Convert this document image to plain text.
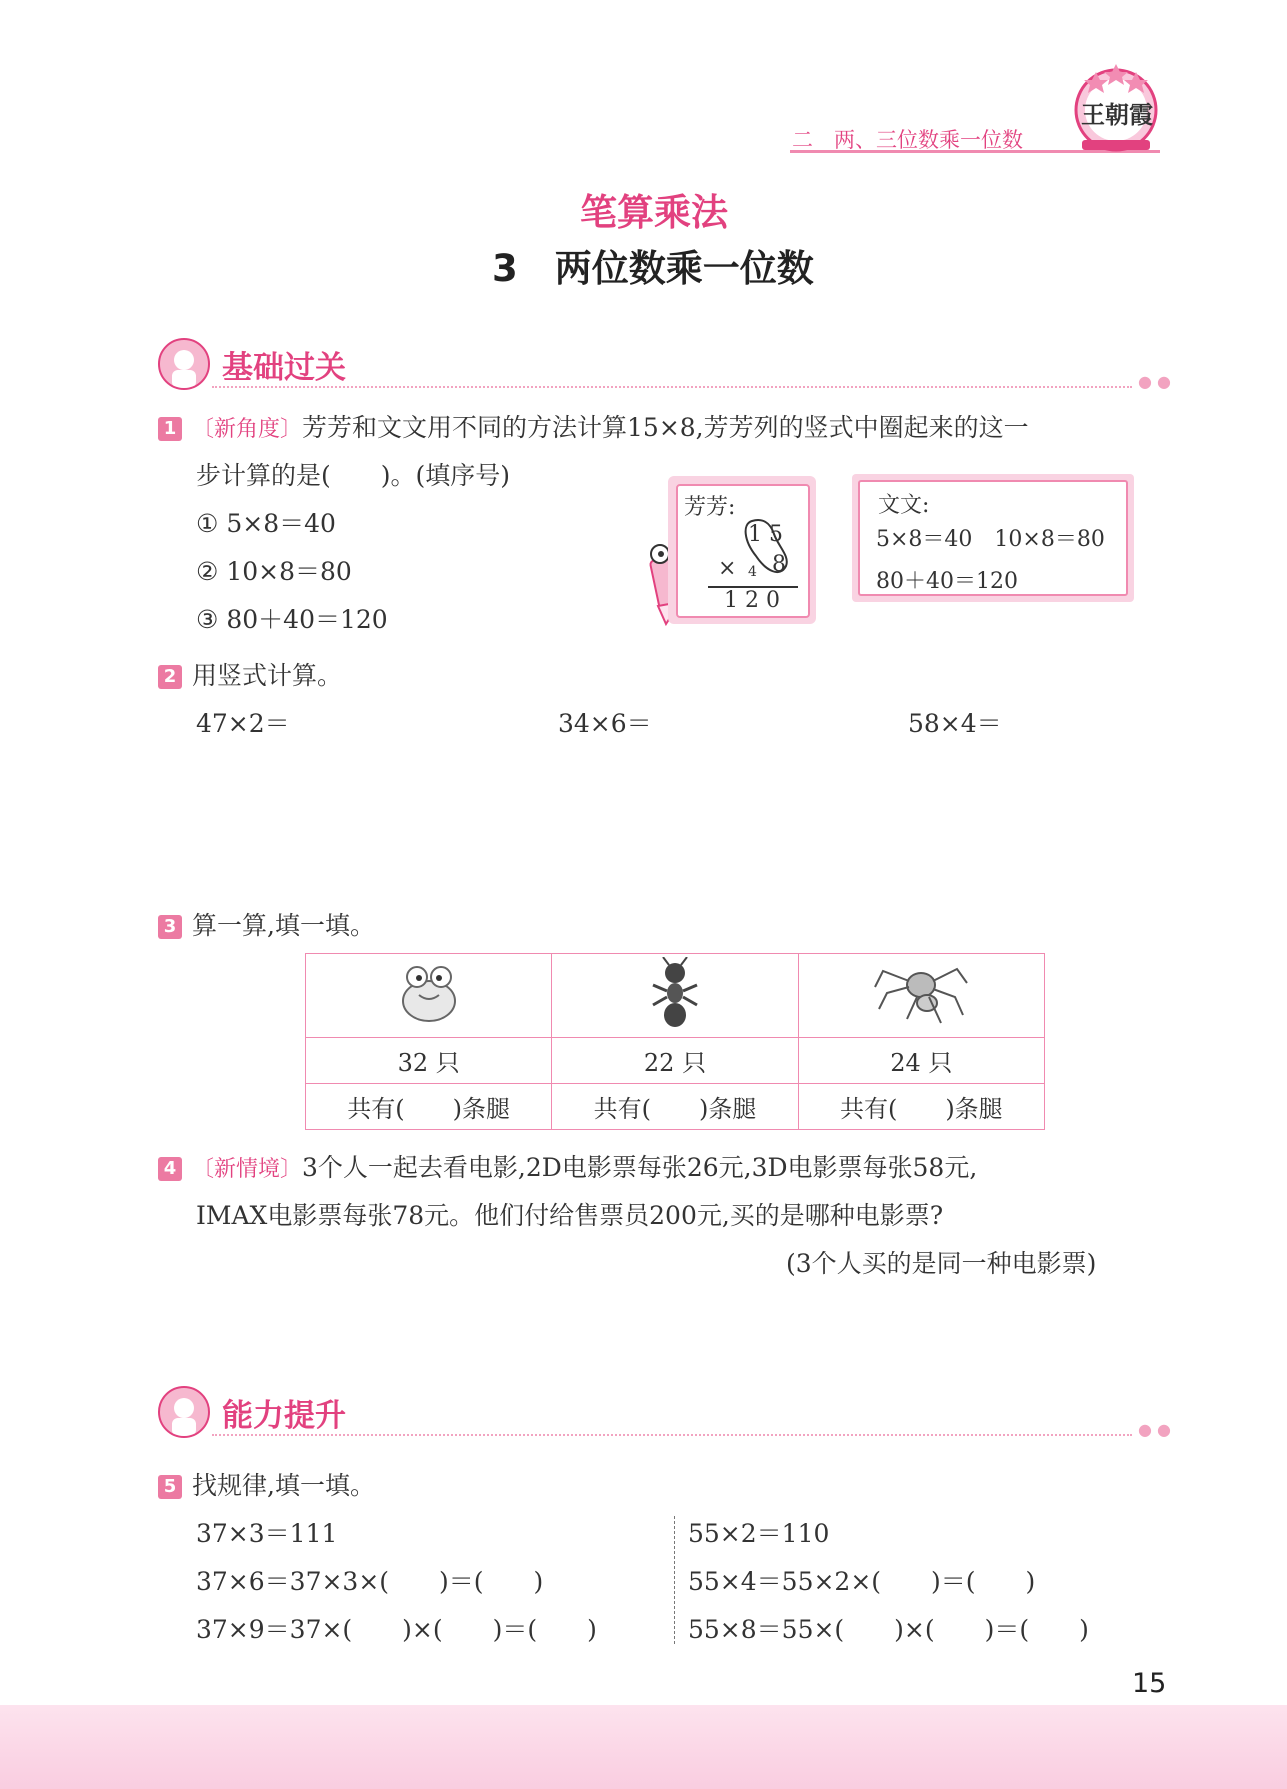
二　两、三位数乘一位数
王朝霞
笔算乘法
3　两位数乘一位数
基础过关	● ●
1 〔新角度〕芳芳和文文用不同的方法计算15×8,芳芳列的竖式中圈起来的这一
步计算的是(　　)。(填序号)
① 5×8＝40
② 10×8＝80
③ 80＋40＝120
芳芳:
1 5
× 4 8
1 2 0
文文:
5×8＝40　10×8＝80
80＋40＝120
2 用竖式计算。
47×2＝	34×6＝	58×4＝
3 算一算,填一填。

32 只	22 只	24 只
共有(　　)条腿	共有(　　)条腿	共有(　　)条腿
4 〔新情境〕3个人一起去看电影,2D电影票每张26元,3D电影票每张58元,
IMAX电影票每张78元。他们付给售票员200元,买的是哪种电影票?
(3个人买的是同一种电影票)
能力提升	● ●
5 找规律,填一填。
37×3＝111
37×6＝37×3×(　　)＝(　　)
37×9＝37×(　　)×(　　)＝(　　)
55×2＝110
55×4＝55×2×(　　)＝(　　)
55×8＝55×(　　)×(　　)＝(　　)
15
